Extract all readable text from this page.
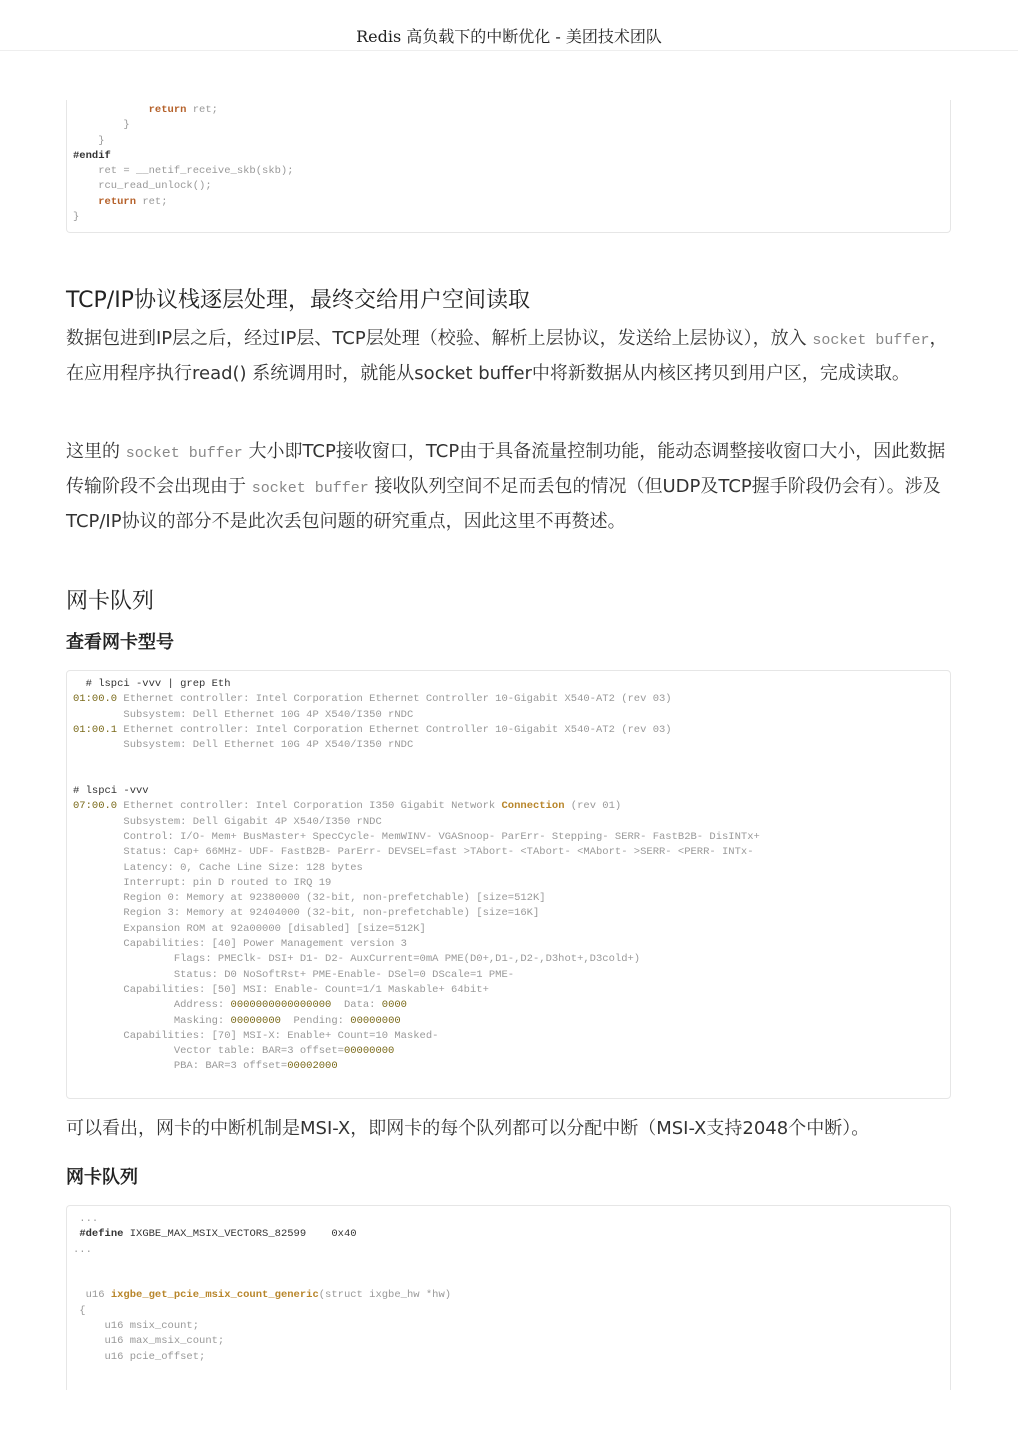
Redis 高负载下的中断优化 - 美团技术团队
return ret;
}
}
#endif
ret = __netif_receive_skb(skb);
rcu_read_unlock();
return ret;
}
TCP/IP协议栈逐层处理，最终交给用户空间读取

数据包进到IP层之后，经过IP层、TCP层处理（校验、解析上层协议，发送给上层协议），放入 socket buffer，在应用程序执行read() 系统调用时，就能从socket buffer中将新数据从内核区拷贝到用户区，完成读取。

这里的 socket buffer 大小即TCP接收窗口，TCP由于具备流量控制功能，能动态调整接收窗口大小，因此数据传输阶段不会出现由于 socket buffer 接收队列空间不足而丢包的情况（但UDP及TCP握手阶段仍会有）。涉及TCP/IP协议的部分不是此次丢包问题的研究重点，因此这里不再赘述。

网卡队列
查看网卡型号
# lspci -vvv | grep Eth
01:00.0 Ethernet controller: Intel Corporation Ethernet Controller 10-Gigabit X540-AT2 (rev 03)
Subsystem: Dell Ethernet 10G 4P X540/I350 rNDC
01:00.1 Ethernet controller: Intel Corporation Ethernet Controller 10-Gigabit X540-AT2 (rev 03)
Subsystem: Dell Ethernet 10G 4P X540/I350 rNDC
# lspci -vvv
07:00.0 Ethernet controller: Intel Corporation I350 Gigabit Network Connection (rev 01)
Subsystem: Dell Gigabit 4P X540/I350 rNDC
Control: I/O- Mem+ BusMaster+ SpecCycle- MemWINV- VGASnoop- ParErr- Stepping- SERR- FastB2B- DisINTx+
Status: Cap+ 66MHz- UDF- FastB2B- ParErr- DEVSEL=fast >TAbort- <TAbort- <MAbort- >SERR- <PERR- INTx-
Latency: 0, Cache Line Size: 128 bytes
Interrupt: pin D routed to IRQ 19
Region 0: Memory at 92380000 (32-bit, non-prefetchable) [size=512K]
Region 3: Memory at 92404000 (32-bit, non-prefetchable) [size=16K]
Expansion ROM at 92a00000 [disabled] [size=512K]
Capabilities: [40] Power Management version 3
Flags: PMEClk- DSI+ D1- D2- AuxCurrent=0mA PME(D0+,D1-,D2-,D3hot+,D3cold+)
Status: D0 NoSoftRst+ PME-Enable- DSel=0 DScale=1 PME-
Capabilities: [50] MSI: Enable- Count=1/1 Maskable+ 64bit+
Address: 0000000000000000  Data: 0000
Masking: 00000000  Pending: 00000000
Capabilities: [70] MSI-X: Enable+ Count=10 Masked-
Vector table: BAR=3 offset=00000000
PBA: BAR=3 offset=00002000

可以看出，网卡的中断机制是MSI-X，即网卡的每个队列都可以分配中断（MSI-X支持2048个中断）。

网卡队列
...
#define IXGBE_MAX_MSIX_VECTORS_82599    0x40
...
u16 ixgbe_get_pcie_msix_count_generic(struct ixgbe_hw *hw)
{
u16 msix_count;
u16 max_msix_count;
u16 pcie_offset;
